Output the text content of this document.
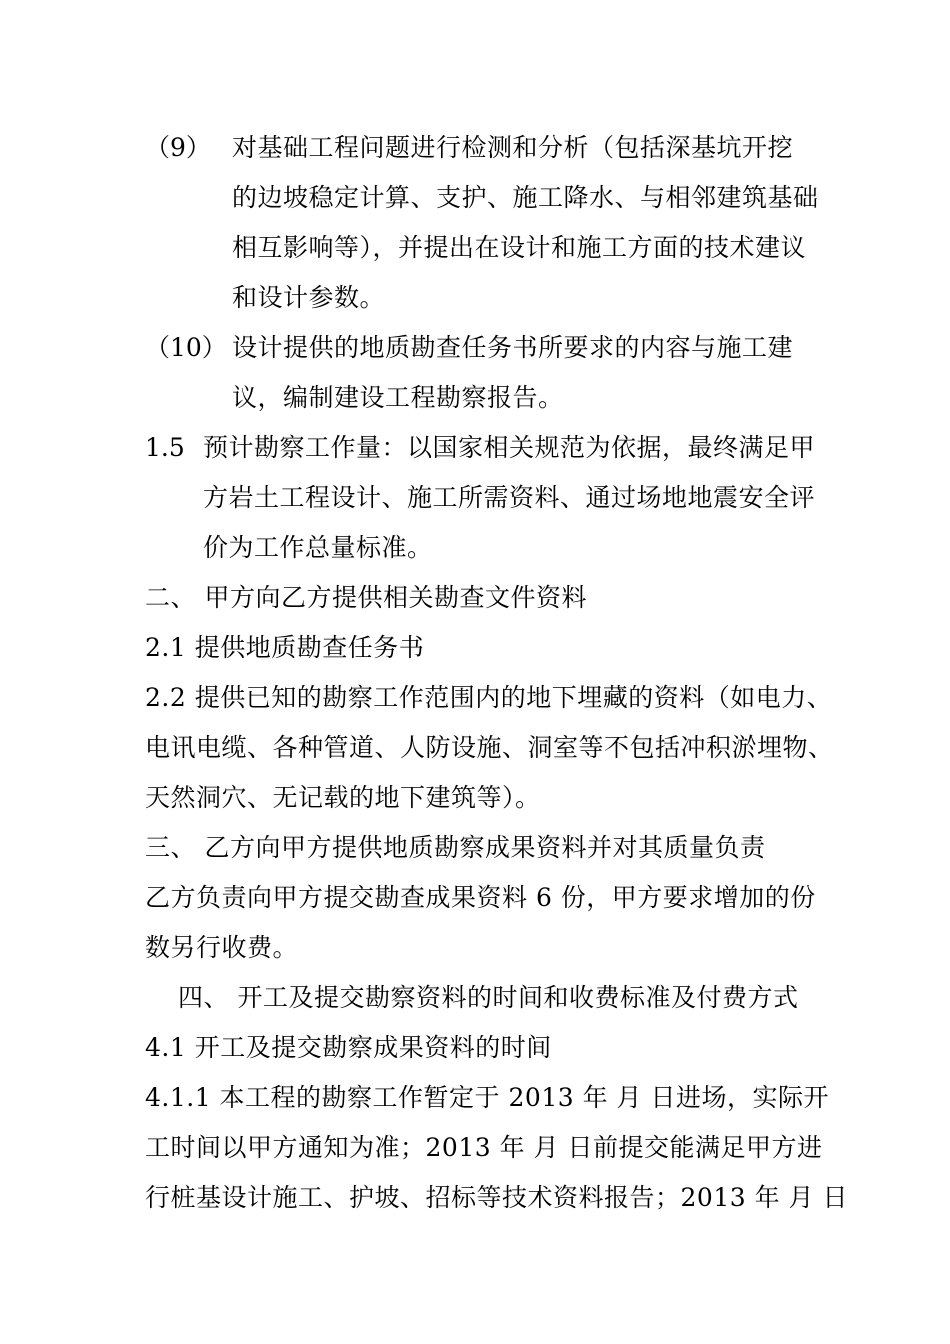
（9） 对基础工程问题进行检测和分析（包括深基坑开挖
的边坡稳定计算、支护、施工降水、与相邻建筑基础
相互影响等），并提出在设计和施工方面的技术建议
和设计参数。
（10） 设计提供的地质勘查任务书所要求的内容与施工建
议，编制建设工程勘察报告。
1.5 预计勘察工作量：以国家相关规范为依据，最终满足甲
方岩土工程设计、施工所需资料、通过场地地震安全评
价为工作总量标准。
二、 甲方向乙方提供相关勘查文件资料
2.1 提供地质勘查任务书
2.2 提供已知的勘察工作范围内的地下埋藏的资料（如电力、
电讯电缆、各种管道、人防设施、洞室等不包括冲积淤埋物、
天然洞穴、无记载的地下建筑等）。
三、 乙方向甲方提供地质勘察成果资料并对其质量负责
乙方负责向甲方提交勘查成果资料 6 份，甲方要求增加的份
数另行收费。
四、 开工及提交勘察资料的时间和收费标准及付费方式
4.1 开工及提交勘察成果资料的时间
4.1.1 本工程的勘察工作暂定于 2013 年 月 日进场，实际开
工时间以甲方通知为准；2013 年 月 日前提交能满足甲方进
行桩基设计施工、护坡、招标等技术资料报告；2013 年 月 日
